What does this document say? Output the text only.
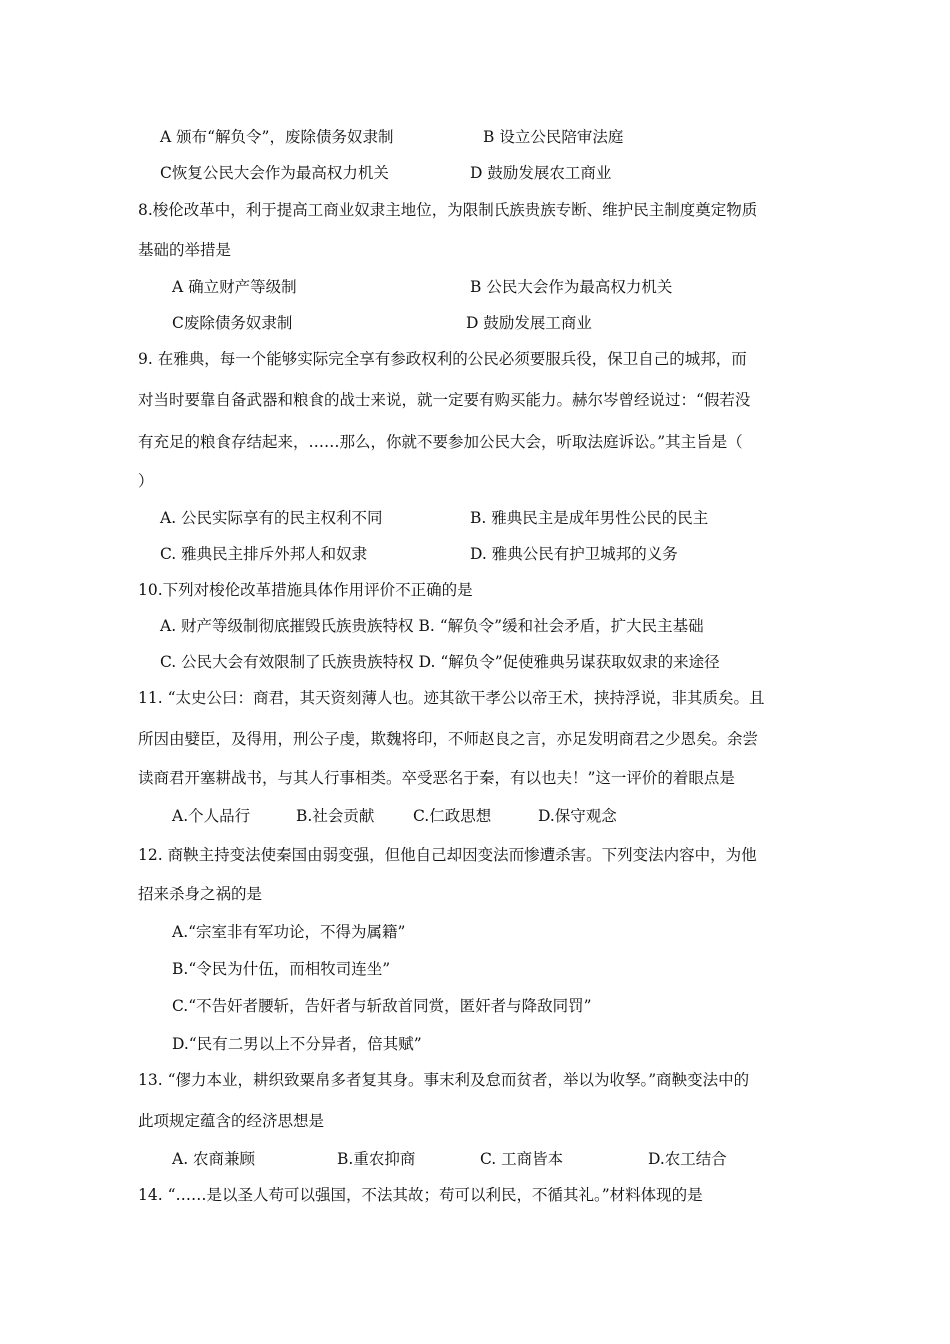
A 颁布“解负令”，废除债务奴隶制	B 设立公民陪审法庭
C恢复公民大会作为最高权力机关	D 鼓励发展农工商业
8.梭伦改革中，利于提高工商业奴隶主地位，为限制氏族贵族专断、维护民主制度奠定物质
基础的举措是
A 确立财产等级制	B 公民大会作为最高权力机关
C废除债务奴隶制	D 鼓励发展工商业
9. 在雅典，每一个能够实际完全享有参政权利的公民必须要服兵役，保卫自己的城邦，而
对当时要靠自备武器和粮食的战士来说，就一定要有购买能力。赫尔岑曾经说过：“假若没
有充足的粮食存结起来，……那么，你就不要参加公民大会，听取法庭诉讼。”其主旨是（
）
A. 公民实际享有的民主权利不同	B. 雅典民主是成年男性公民的民主
C. 雅典民主排斥外邦人和奴隶	D. 雅典公民有护卫城邦的义务
10.下列对梭伦改革措施具体作用评价不正确的是
A. 财产等级制彻底摧毁氏族贵族特权 B. “解负令”缓和社会矛盾，扩大民主基础
C. 公民大会有效限制了氏族贵族特权 D. “解负令”促使雅典另谋获取奴隶的来途径
11. “太史公曰：商君，其天资刻薄人也。迹其欲干孝公以帝王术，挟持浮说，非其质矣。且
所因由嬖臣，及得用，刑公子虔，欺魏将印，不师赵良之言，亦足发明商君之少恩矣。余尝
读商君开塞耕战书，与其人行事相类。卒受恶名于秦，有以也夫！”这一评价的着眼点是
A.个人品行	B.社会贡献 C.仁政思想	D.保守观念
12. 商鞅主持变法使秦国由弱变强，但他自己却因变法而惨遭杀害。下列变法内容中，为他
招来杀身之祸的是
A.“宗室非有军功论，不得为属籍”
B.“令民为什伍，而相牧司连坐”
C.“不告奸者腰斩，告奸者与斩敌首同赏，匿奸者与降敌同罚”
D.“民有二男以上不分异者，倍其赋”
13. “僇力本业，耕织致粟帛多者复其身。事末利及怠而贫者，举以为收孥。”商鞅变法中的
此项规定蕴含的经济思想是
A. 农商兼顾	B.重农抑商	C. 工商皆本	D.农工结合
14. “……是以圣人苟可以强国，不法其故；苟可以利民，不循其礼。”材料体现的是
